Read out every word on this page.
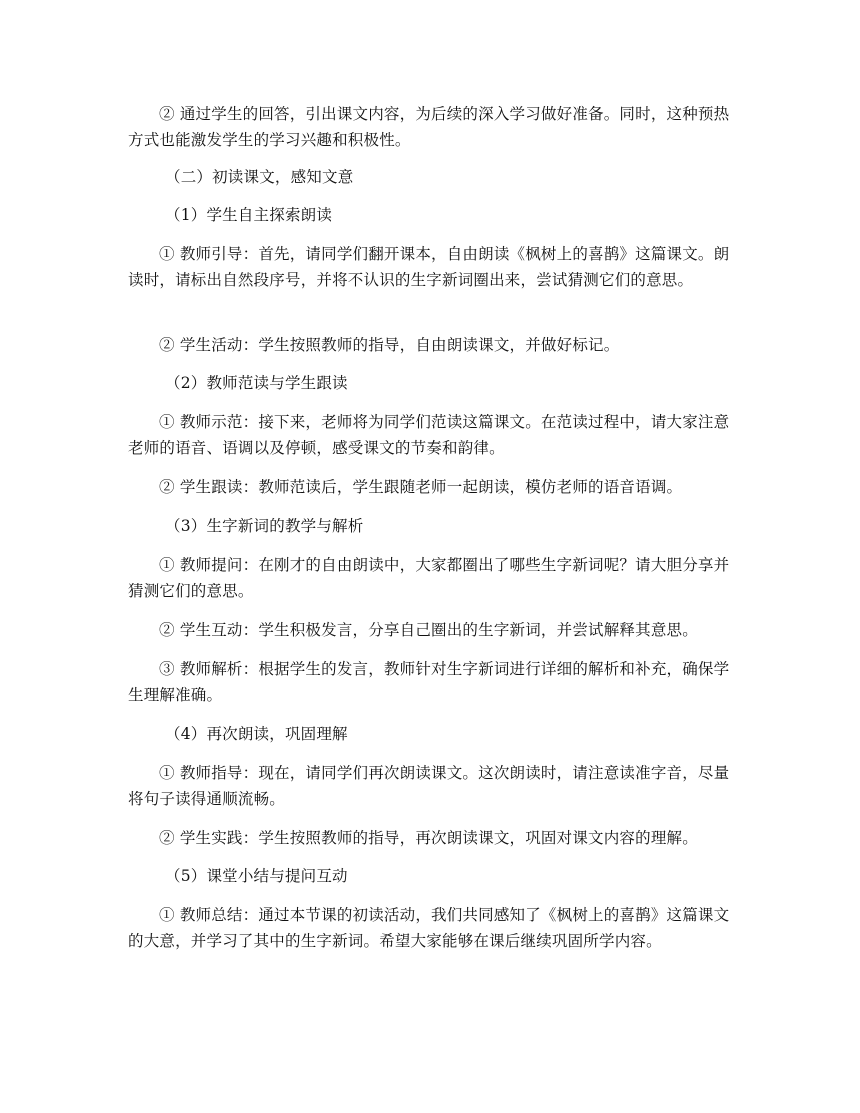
② 通过学生的回答，引出课文内容，为后续的深入学习做好准备。同时，这种预热方式也能激发学生的学习兴趣和积极性。

（二）初读课文，感知文意

（1）学生自主探索朗读

① 教师引导：首先，请同学们翻开课本，自由朗读《枫树上的喜鹊》这篇课文。朗读时，请标出自然段序号，并将不认识的生字新词圈出来，尝试猜测它们的意思。

② 学生活动：学生按照教师的指导，自由朗读课文，并做好标记。

（2）教师范读与学生跟读

① 教师示范：接下来，老师将为同学们范读这篇课文。在范读过程中，请大家注意老师的语音、语调以及停顿，感受课文的节奏和韵律。

② 学生跟读：教师范读后，学生跟随老师一起朗读，模仿老师的语音语调。

（3）生字新词的教学与解析

① 教师提问：在刚才的自由朗读中，大家都圈出了哪些生字新词呢？请大胆分享并猜测它们的意思。

② 学生互动：学生积极发言，分享自己圈出的生字新词，并尝试解释其意思。

③ 教师解析：根据学生的发言，教师针对生字新词进行详细的解析和补充，确保学生理解准确。

（4）再次朗读，巩固理解

① 教师指导：现在，请同学们再次朗读课文。这次朗读时，请注意读准字音，尽量将句子读得通顺流畅。

② 学生实践：学生按照教师的指导，再次朗读课文，巩固对课文内容的理解。

（5）课堂小结与提问互动

① 教师总结：通过本节课的初读活动，我们共同感知了《枫树上的喜鹊》这篇课文的大意，并学习了其中的生字新词。希望大家能够在课后继续巩固所学内容。
